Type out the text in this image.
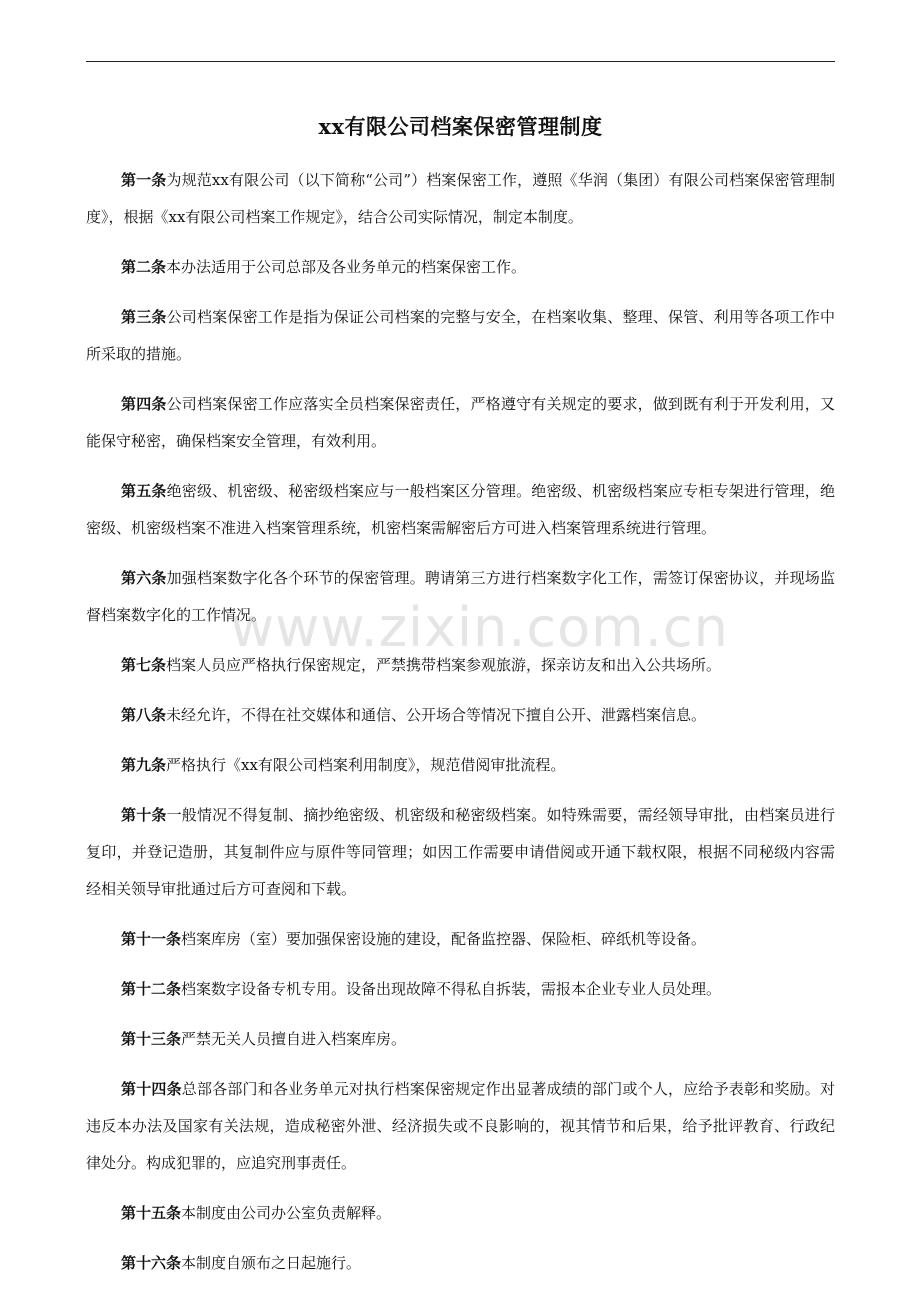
xx有限公司档案保密管理制度

第一条为规范xx有限公司（以下简称“公司”）档案保密工作，遵照《华润（集团）有限公司档案保密管理制度》，根据《xx有限公司档案工作规定》，结合公司实际情况，制定本制度。

第二条本办法适用于公司总部及各业务单元的档案保密工作。

第三条公司档案保密工作是指为保证公司档案的完整与安全，在档案收集、整理、保管、利用等各项工作中所采取的措施。

第四条公司档案保密工作应落实全员档案保密责任，严格遵守有关规定的要求，做到既有利于开发利用，又能保守秘密，确保档案安全管理，有效利用。

第五条绝密级、机密级、秘密级档案应与一般档案区分管理。绝密级、机密级档案应专柜专架进行管理，绝密级、机密级档案不准进入档案管理系统，机密档案需解密后方可进入档案管理系统进行管理。

第六条加强档案数字化各个环节的保密管理。聘请第三方进行档案数字化工作，需签订保密协议，并现场监督档案数字化的工作情况。

第七条档案人员应严格执行保密规定，严禁携带档案参观旅游，探亲访友和出入公共场所。

第八条未经允许，不得在社交媒体和通信、公开场合等情况下擅自公开、泄露档案信息。

第九条严格执行《xx有限公司档案利用制度》，规范借阅审批流程。

第十条一般情况不得复制、摘抄绝密级、机密级和秘密级档案。如特殊需要，需经领导审批，由档案员进行复印，并登记造册，其复制件应与原件等同管理；如因工作需要申请借阅或开通下载权限，根据不同秘级内容需经相关领导审批通过后方可查阅和下载。

第十一条档案库房（室）要加强保密设施的建设，配备监控器、保险柜、碎纸机等设备。

第十二条档案数字设备专机专用。设备出现故障不得私自拆装，需报本企业专业人员处理。

第十三条严禁无关人员擅自进入档案库房。

第十四条总部各部门和各业务单元对执行档案保密规定作出显著成绩的部门或个人，应给予表彰和奖励。对违反本办法及国家有关法规，造成秘密外泄、经济损失或不良影响的，视其情节和后果，给予批评教育、行政纪律处分。构成犯罪的，应追究刑事责任。

第十五条本制度由公司办公室负责解释。

第十六条本制度自颁布之日起施行。

www.zixin.com.cn
